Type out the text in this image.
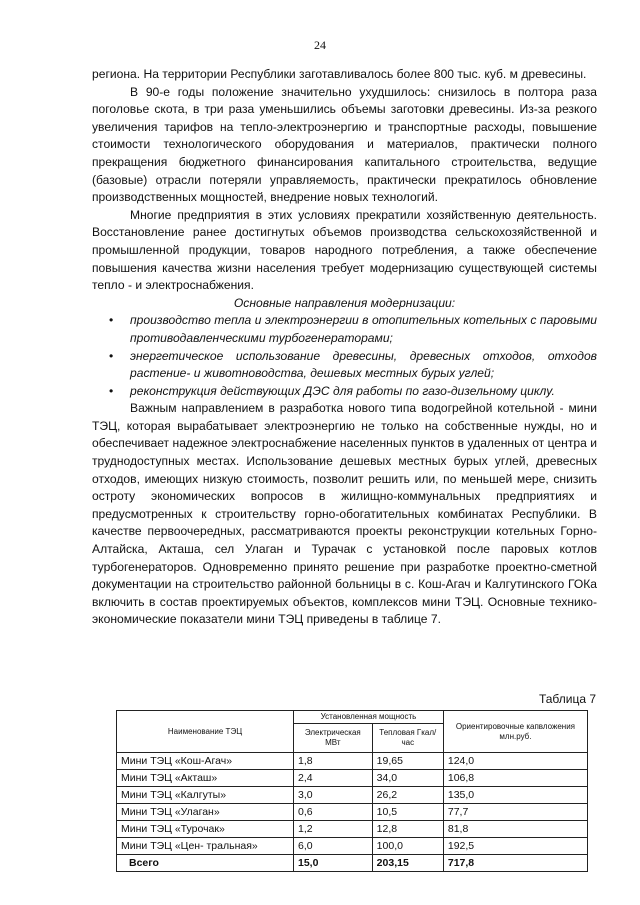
24

региона. На территории Республики заготавливалось более 800 тыс. куб. м древесины.

В 90-е годы положение значительно ухудшилось: снизилось в полтора раза поголовье скота, в три раза уменьшились объемы заготовки древесины. Из-за резкого увеличения тарифов на тепло-электроэнергию и транспортные расходы, повышение стоимости технологического оборудования и материалов, практически полного прекращения бюджетного финансирования капитального строительства, ведущие (базовые) отрасли потеряли управляемость, практически прекратилось обновление производственных мощностей, внедрение новых технологий.

Многие предприятия в этих условиях прекратили хозяйственную деятельность. Восстановление ранее достигнутых объемов производства сельскохозяйственной и промышленной продукции, товаров народного потребления, а также обеспечение повышения качества жизни населения требует модернизацию существующей системы тепло - и электроснабжения.

Основные направления модернизации:

• производство тепла и электроэнергии в отопительных котельных с паровыми противодавленческими турбогенераторами;
• энергетическое использование древесины, древесных отходов, отходов растение- и животноводства, дешевых местных бурых углей;
• реконструкция действующих ДЭС для работы по газо-дизельному циклу.

Важным направлением в разработка нового типа водогрейной котельной - мини ТЭЦ, которая вырабатывает электроэнергию не только на собственные нужды, но и обеспечивает надежное электроснабжение населенных пунктов в удаленных от центра и труднодоступных местах. Использование дешевых местных бурых углей, древесных отходов, имеющих низкую стоимость, позволит решить или, по меньшей мере, снизить остроту экономических вопросов в жилищно-коммунальных предприятиях и предусмотренных к строительству горно-обогатительных комбинатах Республики. В качестве первоочередных, рассматриваются проекты реконструкции котельных Горно-Алтайска, Акташа, сел Улаган и Турачак с установкой после паровых котлов турбогенераторов. Одновременно принято решение при разработке проектно-сметной документации на строительство районной больницы в с. Кош-Агач и Калгутинского ГОКа включить в состав проектируемых объектов, комплексов мини ТЭЦ. Основные технико-экономические показатели мини ТЭЦ приведены в таблице 7.

Таблица 7
Наименование ТЭЦ	Установленная мощность		Ориентировочные капвложения млн.руб.
	Электрическая МВт	Тепловая Гкал/час	
Мини ТЭЦ «Кош-Агач»	1,8	19,65	124,0
Мини ТЭЦ «Акташ»	2,4	34,0	106,8
Мини ТЭЦ «Калгуты»	3,0	26,2	135,0
Мини ТЭЦ «Улаган»	0,6	10,5	77,7
Мини ТЭЦ «Турочак»	1,2	12,8	81,8
Мини ТЭЦ «Цен- тральная»	6,0	100,0	192,5
Всего	15,0	203,15	717,8
